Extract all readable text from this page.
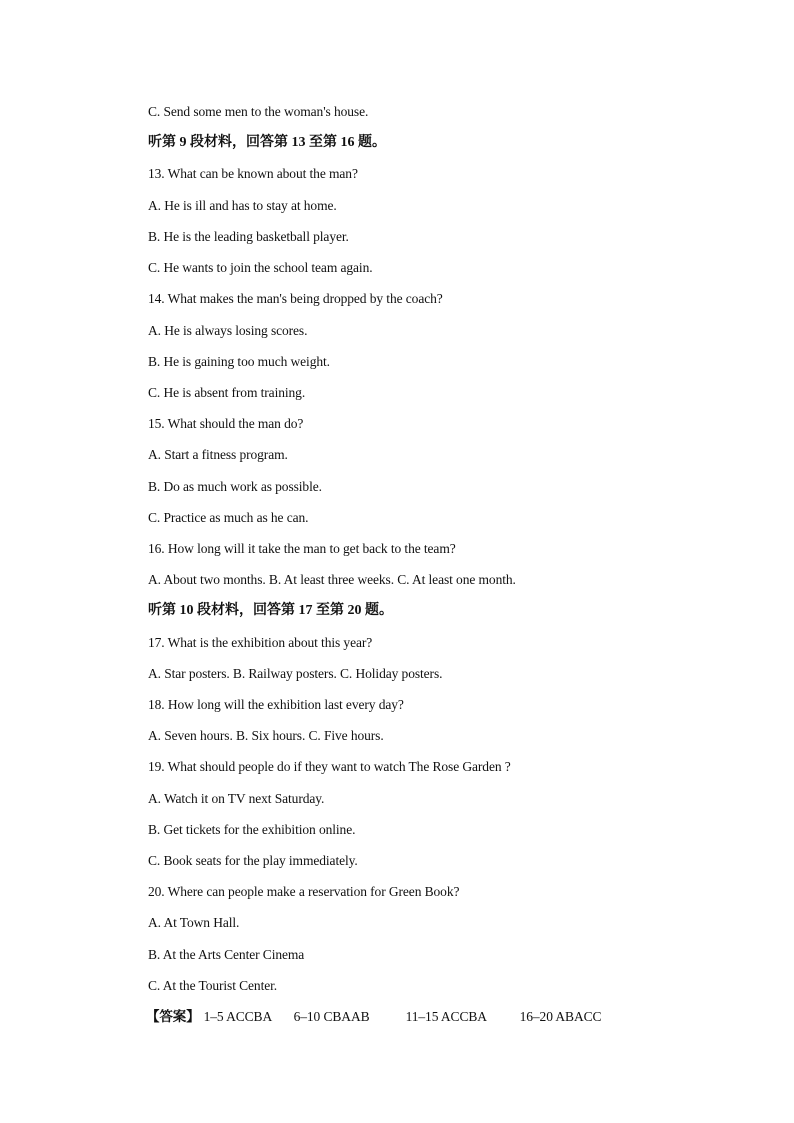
C. Send some men to the woman's house.
听第 9 段材料，回答第 13 至第 16 题。
13. What can be known about the man?
A. He is ill and has to stay at home.
B. He is the leading basketball player.
C. He wants to join the school team again.
14. What makes the man's being dropped by the coach?
A. He is always losing scores.
B. He is gaining too much weight.
C. He is absent from training.
15. What should the man do?
A. Start a fitness program.
B. Do as much work as possible.
C. Practice as much as he can.
16. How long will it take the man to get back to the team?
A. About two months. B. At least three weeks. C. At least one month.
听第 10 段材料，回答第 17 至第 20 题。
17. What is the exhibition about this year?
A. Star posters. B. Railway posters. C. Holiday posters.
18. How long will the exhibition last every day?
A. Seven hours. B. Six hours. C. Five hours.
19. What should people do if they want to watch The Rose Garden ?
A. Watch it on TV next Saturday.
B. Get tickets for the exhibition online.
C. Book seats for the play immediately.
20. Where can people make a reservation for Green Book?
A. At Town Hall.
B. At the Arts Center Cinema
C. At the Tourist Center.
【答案】 1–5 ACCBA 6–10 CBAAB	11–15 ACCBA 16–20 ABACC
